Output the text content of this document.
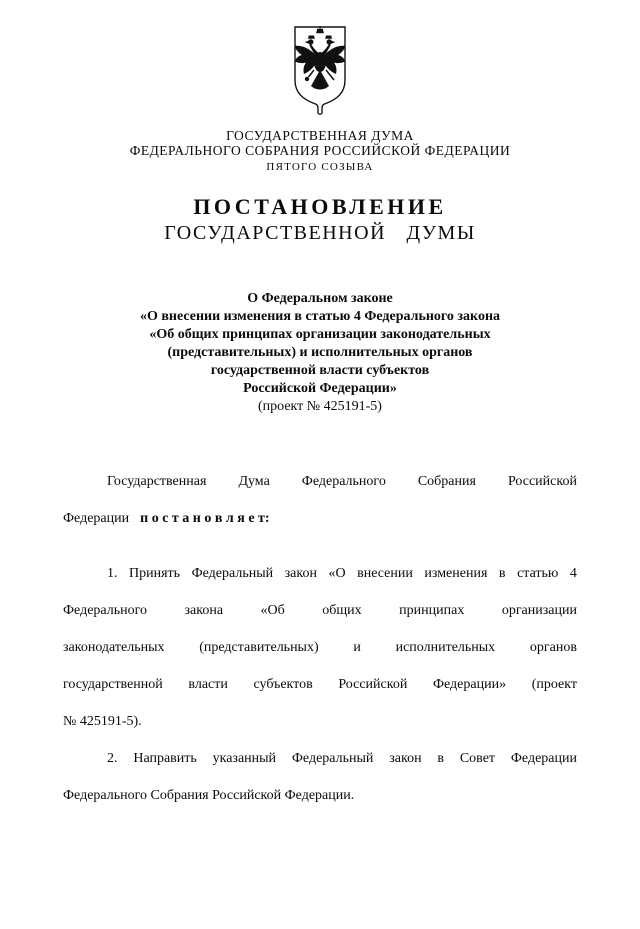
ГОСУДАРСТВЕННАЯ ДУМА
ФЕДЕРАЛЬНОГО СОБРАНИЯ РОССИЙСКОЙ ФЕДЕРАЦИИ
ПЯТОГО СОЗЫВА
ПОСТАНОВЛЕНИЕ
ГОСУДАРСТВЕННОЙ ДУМЫ
О Федеральном законе
«О внесении изменения в статью 4 Федерального закона
«Об общих принципах организации законодательных
(представительных) и исполнительных органов
государственной власти субъектов
Российской Федерации»
(проект № 425191-5)
Государственная Дума Федерального Собрания Российской
Федерации п о с т а н о в л я е т:
1. Принять Федеральный закон «О внесении изменения в статью 4
Федерального	закона	«Об	общих	принципах	организации
законодательных (представительных) и исполнительных органов
государственной власти субъектов Российской Федерации» (проект
№ 425191-5).
2. Направить указанный Федеральный закон в Совет Федерации
Федерального Собрания Российской Федерации.
